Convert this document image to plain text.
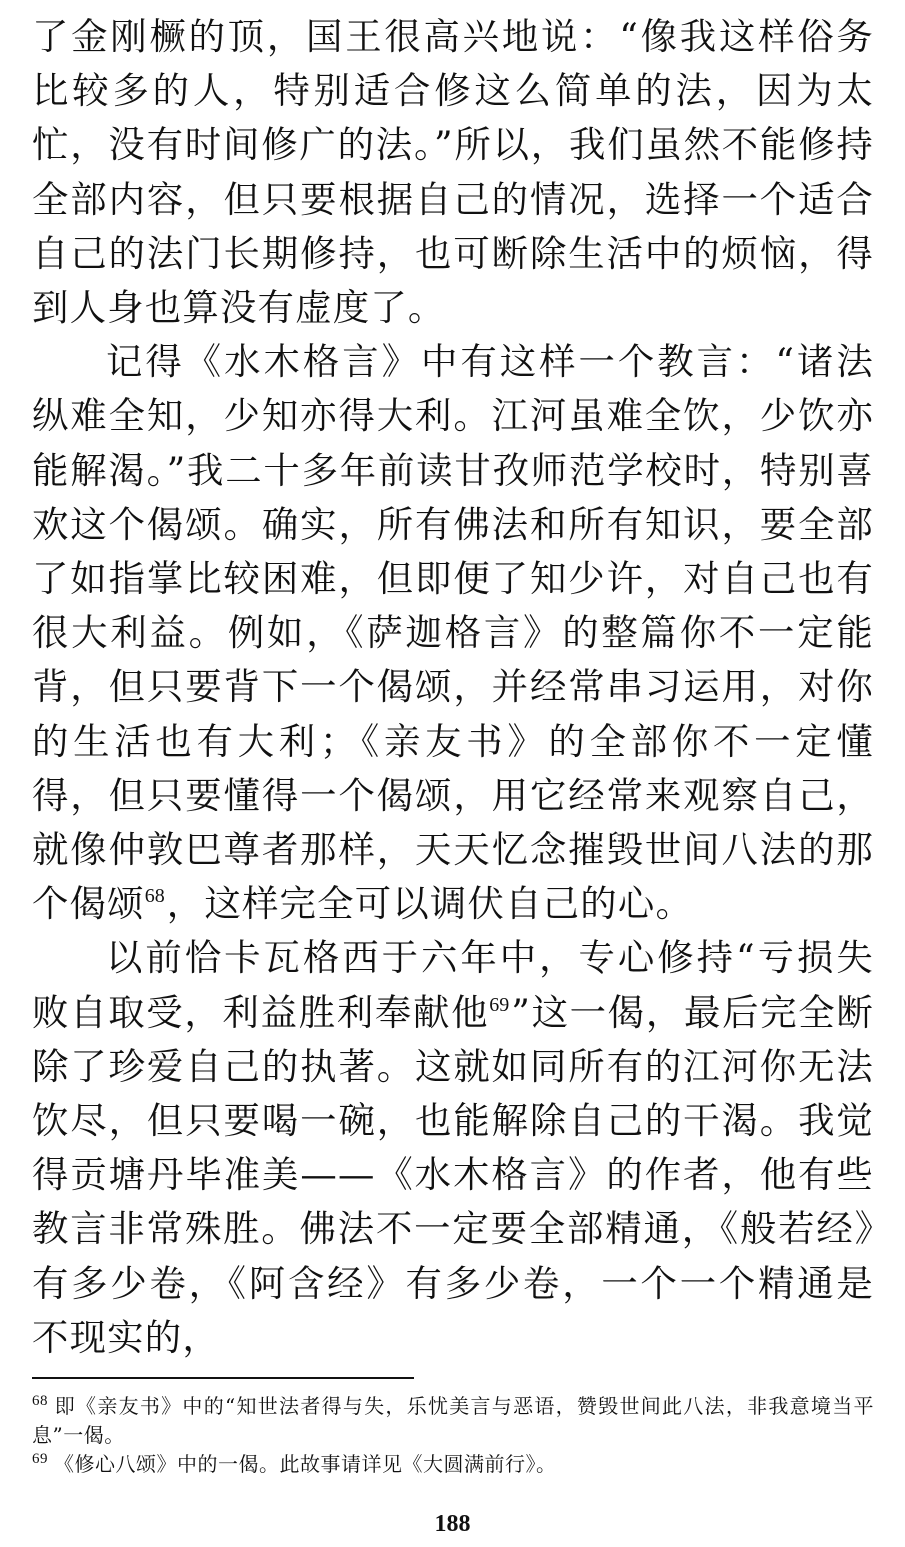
了金刚橛的顶，国王很高兴地说：“像我这样俗务比较多的人，特别适合修这么简单的法，因为太忙，没有时间修广的法。”所以，我们虽然不能修持全部内容，但只要根据自己的情况，选择一个适合自己的法门长期修持，也可断除生活中的烦恼，得到人身也算没有虚度了。

记得《水木格言》中有这样一个教言：“诸法纵难全知，少知亦得大利。江河虽难全饮，少饮亦能解渴。”我二十多年前读甘孜师范学校时，特别喜欢这个偈颂。确实，所有佛法和所有知识，要全部了如指掌比较困难，但即便了知少许，对自己也有很大利益。例如，《萨迦格言》的整篇你不一定能背，但只要背下一个偈颂，并经常串习运用，对你的生活也有大利；《亲友书》的全部你不一定懂得，但只要懂得一个偈颂，用它经常来观察自己，就像仲敦巴尊者那样，天天忆念摧毁世间八法的那个偈颂$^{68}$，这样完全可以调伏自己的心。

以前恰卡瓦格西于六年中，专心修持“亏损失败自取受，利益胜利奉献他$^{69}$”这一偈，最后完全断除了珍爱自己的执著。这就如同所有的江河你无法饮尽，但只要喝一碗，也能解除自己的干渴。我觉得贡塘丹毕准美——《水木格言》的作者，他有些教言非常殊胜。佛法不一定要全部精通，《般若经》有多少卷，《阿含经》有多少卷，一个一个精通是不现实的，

$^{68}$ 即《亲友书》中的“知世法者得与失，乐忧美言与恶语，赞毁世间此八法，非我意境当平息”一偈。

$^{69}$ 《修心八颂》中的一偈。此故事请详见《大圆满前行》。

188
